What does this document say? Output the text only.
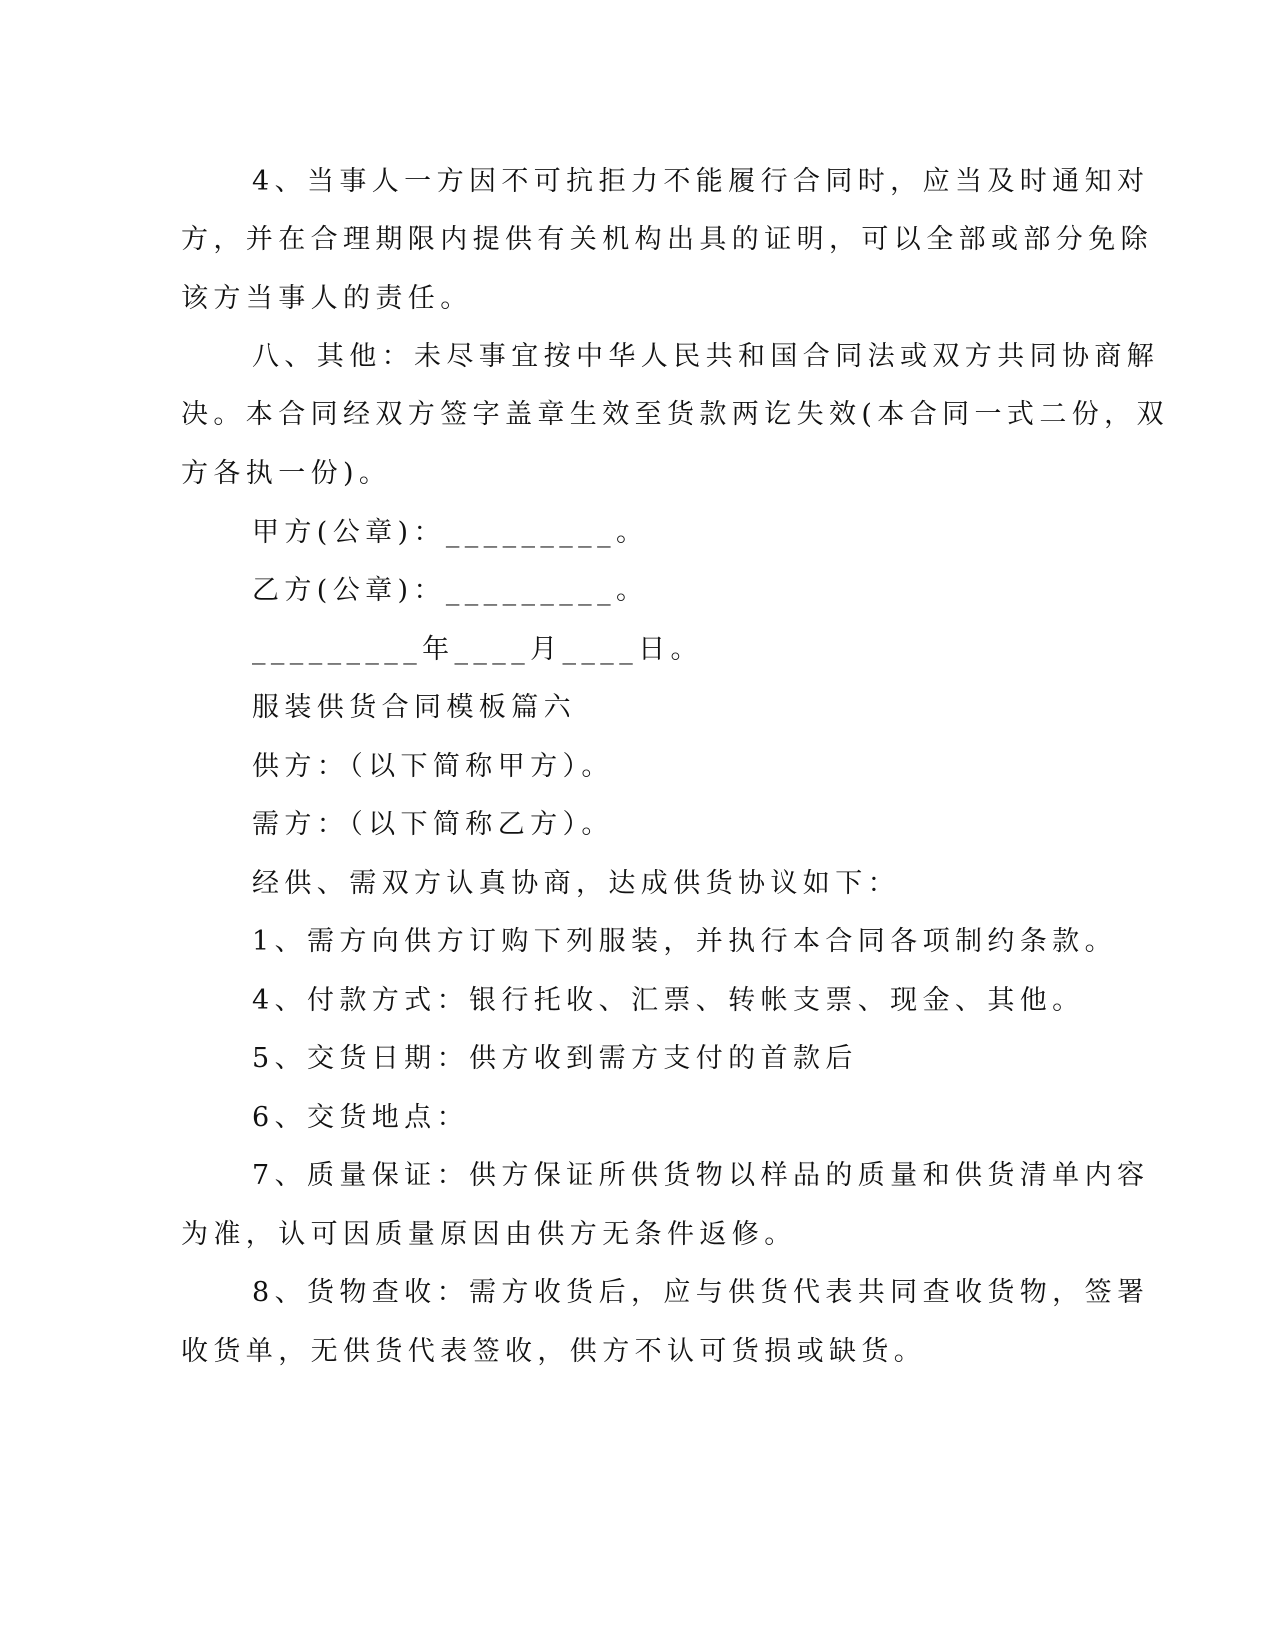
4、当事人一方因不可抗拒力不能履行合同时，应当及时通知对
方，并在合理期限内提供有关机构出具的证明，可以全部或部分免除
该方当事人的责任。
八、其他：未尽事宜按中华人民共和国合同法或双方共同协商解
决。本合同经双方签字盖章生效至货款两讫失效(本合同一式二份，双
方各执一份)。
甲方(公章)：_________。
乙方(公章)：_________。
_________年____月____日。
服装供货合同模板篇六
供方：（以下简称甲方）。
需方：（以下简称乙方）。
经供、需双方认真协商，达成供货协议如下：
1、需方向供方订购下列服装，并执行本合同各项制约条款。
4、付款方式：银行托收、汇票、转帐支票、现金、其他。
5、交货日期：供方收到需方支付的首款后
6、交货地点：
7、质量保证：供方保证所供货物以样品的质量和供货清单内容
为准，认可因质量原因由供方无条件返修。
8、货物查收：需方收货后，应与供货代表共同查收货物，签署
收货单，无供货代表签收，供方不认可货损或缺货。
